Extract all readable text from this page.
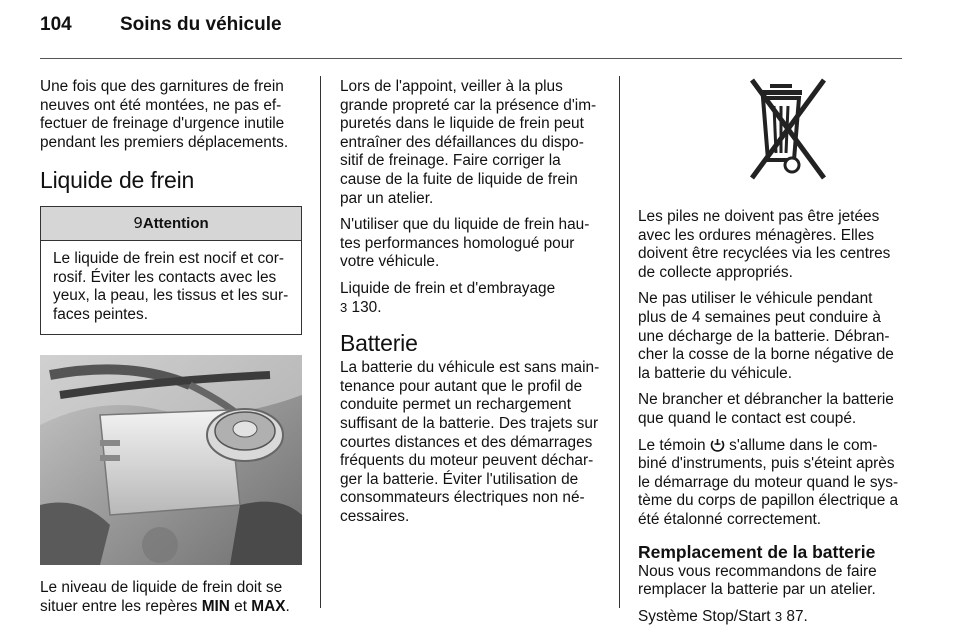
104	Soins du véhicule

Une fois que des garnitures de frein neuves ont été montées, ne pas ef-fectuer de freinage d'urgence inutile pendant les premiers déplacements.

Liquide de frein
9Attention
Le liquide de frein est nocif et cor-rosif. Éviter les contacts avec les yeux, la peau, les tissus et les sur-faces peintes.

Le niveau de liquide de frein doit se situer entre les repères MIN et MAX.

Lors de l'appoint, veiller à la plus grande propreté car la présence d'im-puretés dans le liquide de frein peut entraîner des défaillances du dispo-sitif de freinage. Faire corriger la cause de la fuite de liquide de frein par un atelier.

N'utiliser que du liquide de frein hau-tes performances homologué pour votre véhicule.

Liquide de frein et d'embrayage
3 130.

Batterie

La batterie du véhicule est sans main-tenance pour autant que le profil de conduite permet un rechargement suffisant de la batterie. Des trajets sur courtes distances et des démarrages fréquents du moteur peuvent déchar-ger la batterie. Éviter l'utilisation de consommateurs électriques non né-cessaires.

Les piles ne doivent pas être jetées avec les ordures ménagères. Elles doivent être recyclées via les centres de collecte appropriés.

Ne pas utiliser le véhicule pendant plus de 4 semaines peut conduire à une décharge de la batterie. Débran-cher la cosse de la borne négative de la batterie du véhicule.

Ne brancher et débrancher la batterie que quand le contact est coupé.

Le témoin  s'allume dans le com-biné d'instruments, puis s'éteint après le démarrage du moteur quand le sys-tème du corps de papillon électrique a été étalonné correctement.

Remplacement de la batterie

Nous vous recommandons de faire remplacer la batterie par un atelier.

Système Stop/Start 3 87.
